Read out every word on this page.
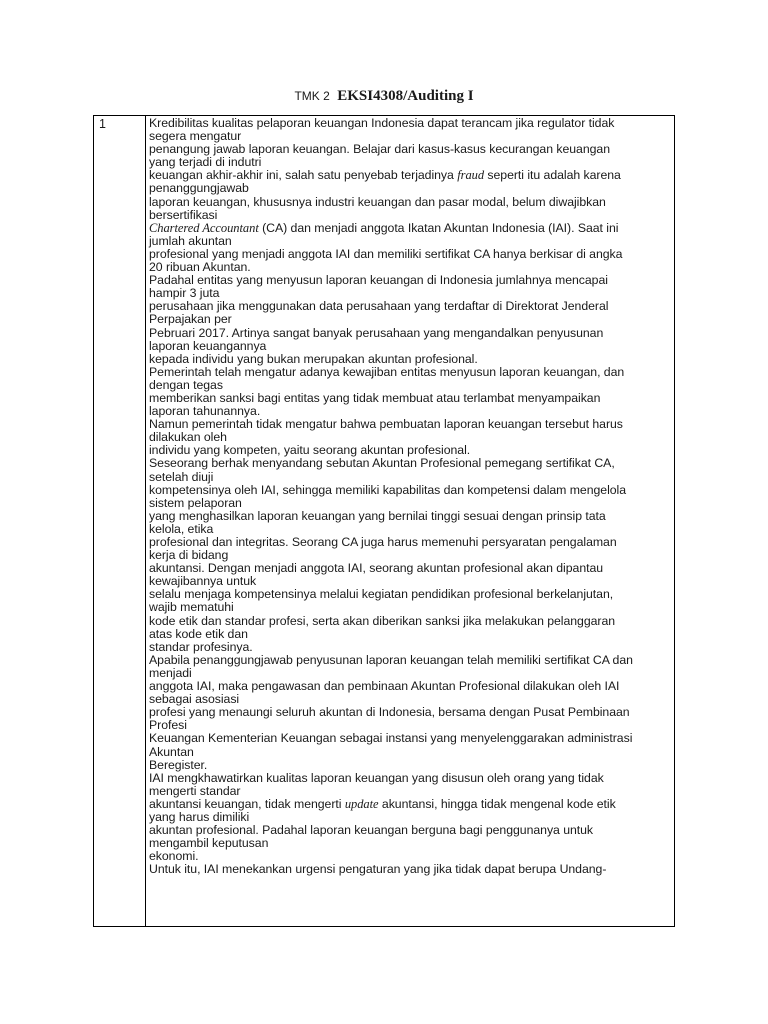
TMK 2 EKSI4308/Auditing I
1	Kredibilitas kualitas pelaporan keuangan Indonesia dapat terancam jika regulator tidak
segera mengatur
penangung jawab laporan keuangan. Belajar dari kasus-kasus kecurangan keuangan
yang terjadi di indutri
keuangan akhir-akhir ini, salah satu penyebab terjadinya fraud seperti itu adalah karena
penanggungjawab
laporan keuangan, khususnya industri keuangan dan pasar modal, belum diwajibkan
bersertifikasi
Chartered Accountant (CA) dan menjadi anggota Ikatan Akuntan Indonesia (IAI). Saat ini
jumlah akuntan
profesional yang menjadi anggota IAI dan memiliki sertifikat CA hanya berkisar di angka
20 ribuan Akuntan.
Padahal entitas yang menyusun laporan keuangan di Indonesia jumlahnya mencapai
hampir 3 juta
perusahaan jika menggunakan data perusahaan yang terdaftar di Direktorat Jenderal
Perpajakan per
Pebruari 2017. Artinya sangat banyak perusahaan yang mengandalkan penyusunan
laporan keuangannya
kepada individu yang bukan merupakan akuntan profesional.
Pemerintah telah mengatur adanya kewajiban entitas menyusun laporan keuangan, dan
dengan tegas
memberikan sanksi bagi entitas yang tidak membuat atau terlambat menyampaikan
laporan tahunannya.
Namun pemerintah tidak mengatur bahwa pembuatan laporan keuangan tersebut harus
dilakukan oleh
individu yang kompeten, yaitu seorang akuntan profesional.
Seseorang berhak menyandang sebutan Akuntan Profesional pemegang sertifikat CA,
setelah diuji
kompetensinya oleh IAI, sehingga memiliki kapabilitas dan kompetensi dalam mengelola
sistem pelaporan
yang menghasilkan laporan keuangan yang bernilai tinggi sesuai dengan prinsip tata
kelola, etika
profesional dan integritas. Seorang CA juga harus memenuhi persyaratan pengalaman
kerja di bidang
akuntansi. Dengan menjadi anggota IAI, seorang akuntan profesional akan dipantau
kewajibannya untuk
selalu menjaga kompetensinya melalui kegiatan pendidikan profesional berkelanjutan,
wajib mematuhi
kode etik dan standar profesi, serta akan diberikan sanksi jika melakukan pelanggaran
atas kode etik dan
standar profesinya.
Apabila penanggungjawab penyusunan laporan keuangan telah memiliki sertifikat CA dan
menjadi
anggota IAI, maka pengawasan dan pembinaan Akuntan Profesional dilakukan oleh IAI
sebagai asosiasi
profesi yang menaungi seluruh akuntan di Indonesia, bersama dengan Pusat Pembinaan
Profesi
Keuangan Kementerian Keuangan sebagai instansi yang menyelenggarakan administrasi
Akuntan
Beregister.
IAI mengkhawatirkan kualitas laporan keuangan yang disusun oleh orang yang tidak
mengerti standar
akuntansi keuangan, tidak mengerti update akuntansi, hingga tidak mengenal kode etik
yang harus dimiliki
akuntan profesional. Padahal laporan keuangan berguna bagi penggunanya untuk
mengambil keputusan
ekonomi.
Untuk itu, IAI menekankan urgensi pengaturan yang jika tidak dapat berupa Undang-
